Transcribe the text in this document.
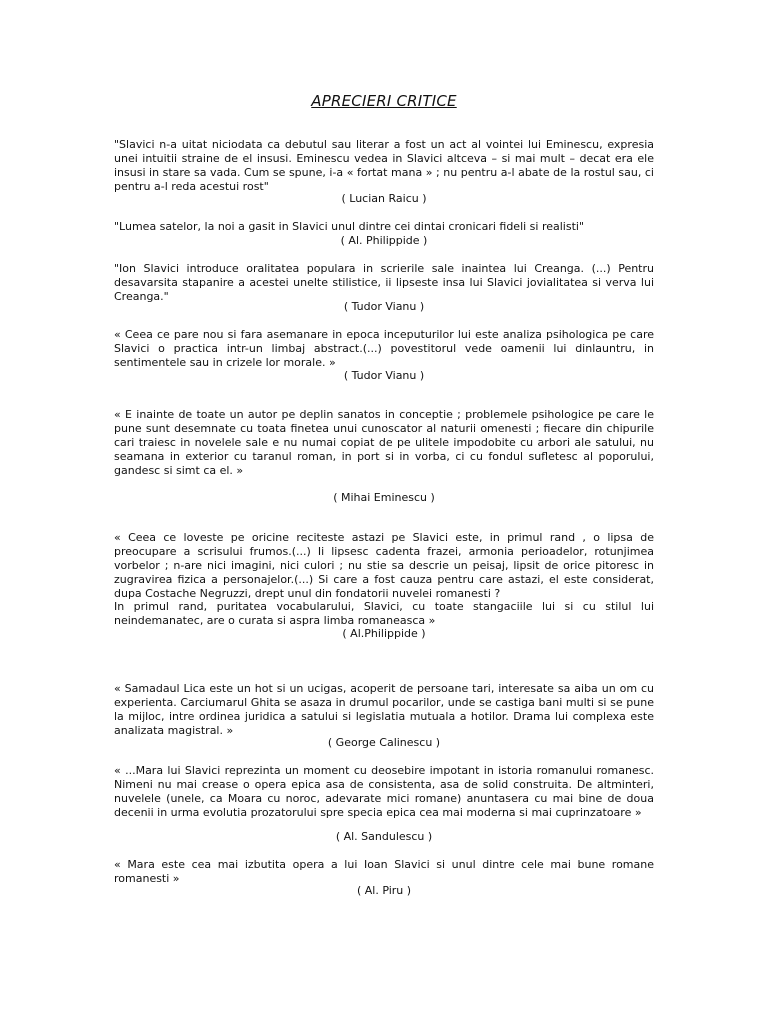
APRECIERI CRITICE

"Slavici n-a uitat niciodata ca debutul sau literar a fost un act al vointei lui Eminescu, expresia unei intuitii straine de el insusi. Eminescu vedea in Slavici altceva – si mai mult – decat era ele insusi in stare sa vada. Cum se spune, i-a « fortat mana » ; nu pentru a-l abate de la rostul sau, ci pentru a-l reda acestui rost"

( Lucian Raicu )

"Lumea satelor, la noi a gasit in Slavici unul dintre cei dintai cronicari fideli si realisti"

( Al. Philippide )

"Ion Slavici introduce oralitatea populara in scrierile sale inaintea lui Creanga. (...) Pentru desavarsita stapanire a acestei unelte stilistice, ii lipseste insa lui Slavici jovialitatea si verva lui Creanga."

( Tudor Vianu )

« Ceea ce pare nou si fara asemanare in epoca inceputurilor lui este analiza psihologica pe care Slavici o practica intr-un limbaj abstract.(...) povestitorul vede oamenii lui dinlauntru, in sentimentele sau in crizele lor morale. »

( Tudor Vianu )

« E inainte de toate un autor pe deplin sanatos in conceptie ; problemele psihologice pe care le pune sunt desemnate cu toata finetea unui cunoscator al naturii omenesti ; fiecare din chipurile cari traiesc in novelele sale e nu numai copiat de pe ulitele impodobite cu arbori ale satului, nu seamana in exterior cu taranul roman, in port si in vorba, ci cu fondul sufletesc al poporului, gandesc si simt ca el. »

( Mihai Eminescu )

« Ceea ce loveste pe oricine reciteste astazi pe Slavici este, in primul rand , o lipsa de preocupare a scrisului frumos.(...) Ii lipsesc cadenta frazei, armonia perioadelor, rotunjimea vorbelor ; n-are nici imagini, nici culori ; nu stie sa descrie un peisaj, lipsit de orice pitoresc in zugravirea fizica a personajelor.(...) Si care a fost cauza pentru care astazi, el este considerat, dupa Costache Negruzzi, drept unul din fondatorii nuvelei romanesti ?

In primul rand, puritatea vocabularului, Slavici, cu toate stangaciile lui si cu stilul lui neindemanatec, are o curata si aspra limba romaneasca »

( Al.Philippide )

« Samadaul Lica este un hot si un ucigas, acoperit de persoane tari, interesate sa aiba un om cu experienta. Carciumarul Ghita se asaza in drumul pocarilor, unde se castiga bani multi si se pune la mijloc, intre ordinea juridica a satului si legislatia mutuala a hotilor. Drama lui complexa este analizata magistral. »

( George Calinescu )

« ...Mara lui Slavici reprezinta un moment cu deosebire impotant in istoria romanului romanesc. Nimeni nu mai crease o opera epica asa de consistenta, asa de solid construita. De altminteri, nuvelele (unele, ca Moara cu noroc, adevarate mici romane) anuntasera cu mai bine de doua decenii in urma evolutia prozatorului spre specia epica cea mai moderna si mai cuprinzatoare »

( Al. Sandulescu )

« Mara este cea mai izbutita opera a lui Ioan Slavici si unul dintre cele mai bune romane romanesti »

( Al. Piru )
